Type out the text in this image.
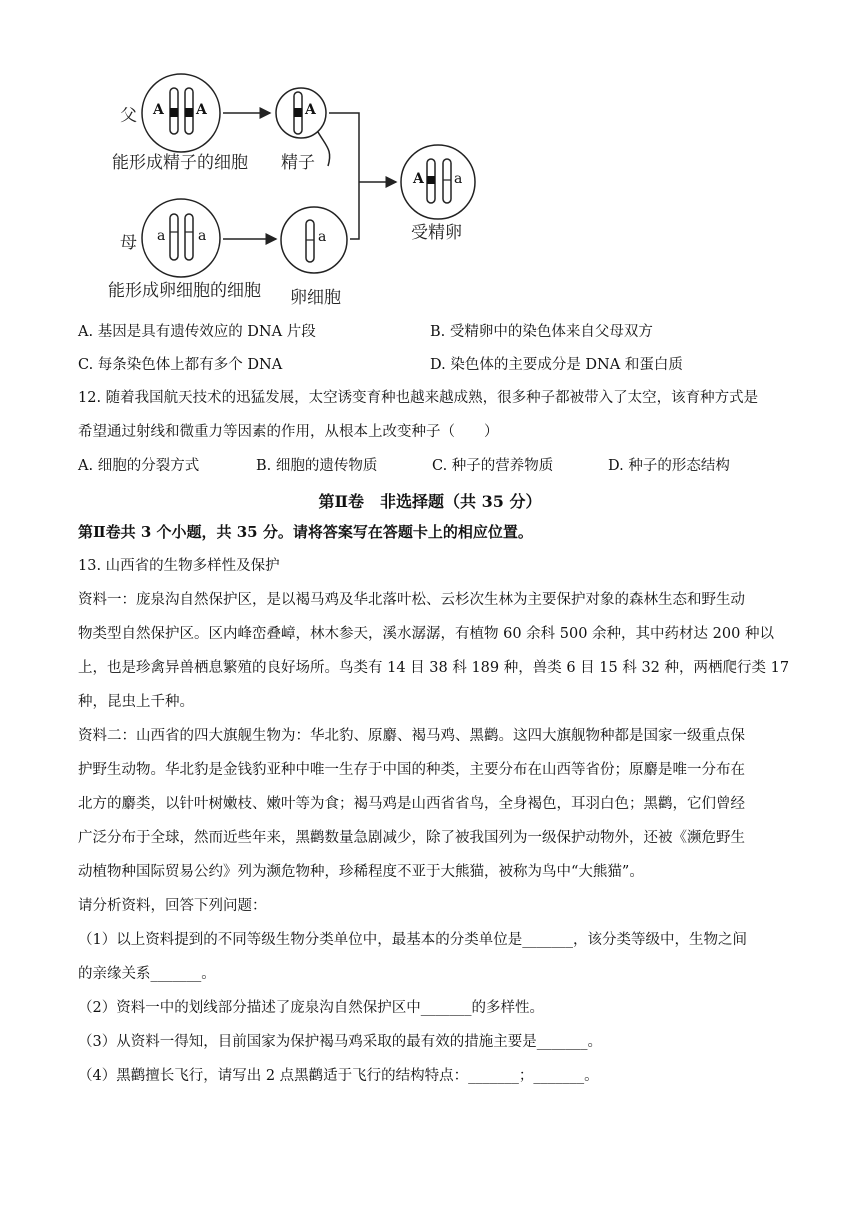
父
母
A A	A
a a	a
A a
能形成精子的细胞 精子
能形成卵细胞的细胞 卵细胞
受精卵
A. 基因是具有遗传效应的 DNA 片段	B. 受精卵中的染色体来自父母双方
C. 每条染色体上都有多个 DNA	D. 染色体的主要成分是 DNA 和蛋白质
12. 随着我国航天技术的迅猛发展，太空诱变育种也越来越成熟，很多种子都被带入了太空，该育种方式是
希望通过射线和微重力等因素的作用，从根本上改变种子（　　）
A. 细胞的分裂方式	B. 细胞的遗传物质	C. 种子的营养物质	D. 种子的形态结构
第Ⅱ卷　非选择题（共 35 分）
第Ⅱ卷共 3 个小题，共 35 分。请将答案写在答题卡上的相应位置。
13. 山西省的生物多样性及保护
资料一：庞泉沟自然保护区，是以褐马鸡及华北落叶松、云杉次生林为主要保护对象的森林生态和野生动
物类型自然保护区。区内峰峦叠嶂，林木参天，溪水潺潺，有植物 60 余科 500 余种，其中药材达 200 种以
上，也是珍禽异兽栖息繁殖的良好场所。鸟类有 14 目 38 科 189 种，兽类 6 目 15 科 32 种，两栖爬行类 17
种，昆虫上千种。
资料二：山西省的四大旗舰生物为：华北豹、原麝、褐马鸡、黑鹳。这四大旗舰物种都是国家一级重点保
护野生动物。华北豹是金钱豹亚种中唯一生存于中国的种类，主要分布在山西等省份；原麝是唯一分布在
北方的麝类，以针叶树嫩枝、嫩叶等为食；褐马鸡是山西省省鸟，全身褐色，耳羽白色；黑鹳，它们曾经
广泛分布于全球，然而近些年来，黑鹳数量急剧减少，除了被我国列为一级保护动物外，还被《濒危野生
动植物种国际贸易公约》列为濒危物种，珍稀程度不亚于大熊猫，被称为鸟中“大熊猫”。
请分析资料，回答下列问题：
（1）以上资料提到的不同等级生物分类单位中，最基本的分类单位是_______，该分类等级中，生物之间
的亲缘关系_______。
（2）资料一中的划线部分描述了庞泉沟自然保护区中_______的多样性。
（3）从资料一得知，目前国家为保护褐马鸡采取的最有效的措施主要是_______。
（4）黑鹳擅长飞行，请写出 2 点黑鹳适于飞行的结构特点：_______；_______。
